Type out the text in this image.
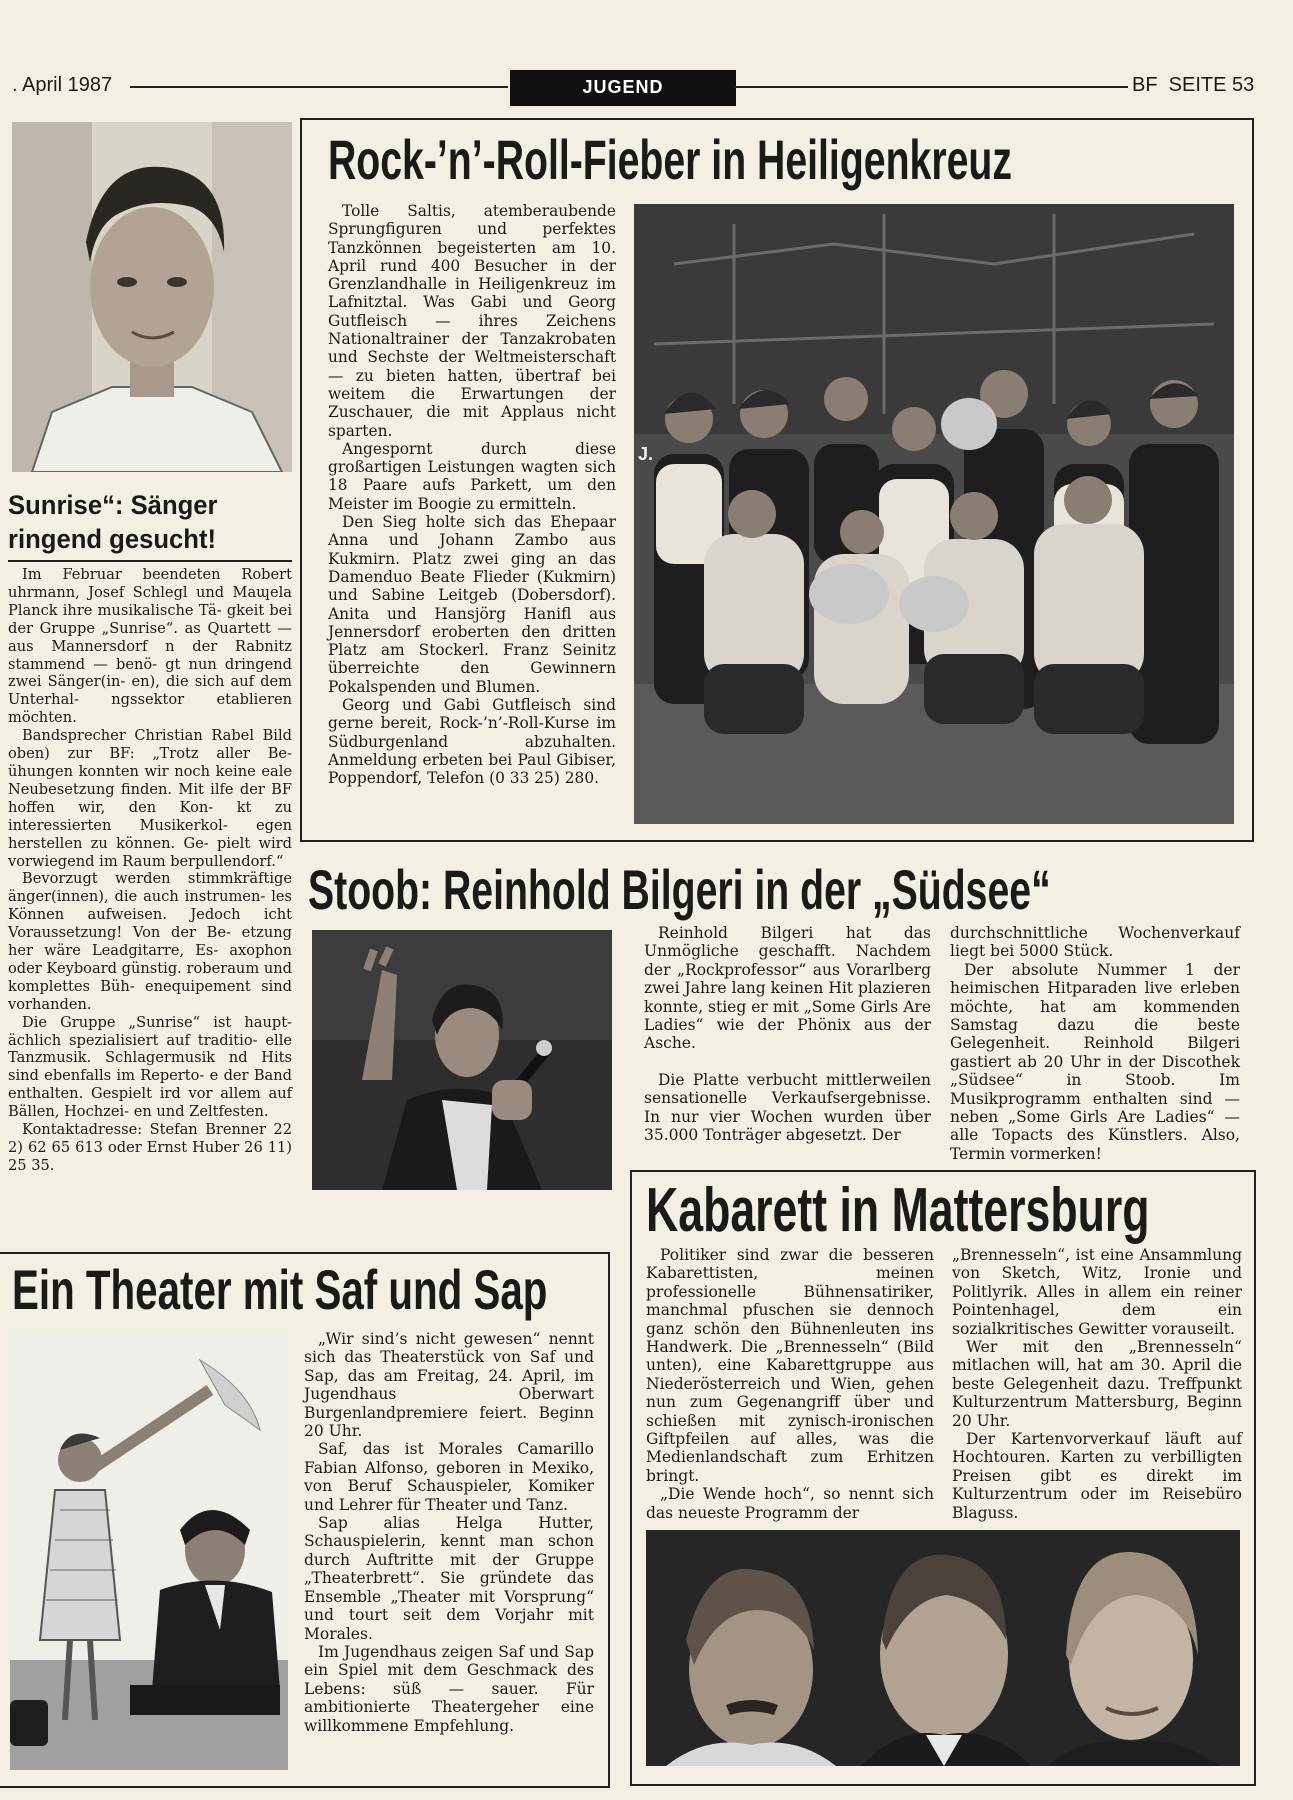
. April 1987	JUGEND	BF  SEITE 53
Sunrise“: Sänger
ringend gesucht!

Im Februar beendeten Robert uhrmann, Josef Schlegl und Maɰela Planck ihre musikalische Tä- gkeit bei der Gruppe „Sunrise“. as Quartett — aus Mannersdorf n der Rabnitz stammend — benö- gt nun dringend zwei Sänger(in- en), die sich auf dem Unterhal- ngssektor etablieren möchten.

Bandsprecher Christian Rabel Bild oben) zur BF: „Trotz aller Be- ühungen konnten wir noch keine eale Neubesetzung finden. Mit ilfe der BF hoffen wir, den Kon- kt zu interessierten Musikerkol- egen herstellen zu können. Ge- pielt wird vorwiegend im Raum berpullendorf.“

Bevorzugt werden stimmkräftige änger(innen), die auch instrumen- les Können aufweisen. Jedoch icht Voraussetzung! Von der Be- etzung her wäre Leadgitarre, Es- axophon oder Keyboard günstig. roberaum und komplettes Büh- enequipement sind vorhanden.

Die Gruppe „Sunrise“ ist haupt- ächlich spezialisiert auf traditio- elle Tanzmusik. Schlagermusik nd Hits sind ebenfalls im Reperto- e der Band enthalten. Gespielt ird vor allem auf Bällen, Hochzei- en und Zeltfesten.

Kontaktadresse: Stefan Brenner 22 2) 62 65 613 oder Ernst Huber 26 11) 25 35.

Rock-’n’-Roll-Fieber in Heiligenkreuz

Tolle Saltis, atemberaubende Sprungfiguren und perfektes Tanzkönnen begeisterten am 10. April rund 400 Besucher in der Grenzlandhalle in Heiligenkreuz im Lafnitztal. Was Gabi und Georg Gutfleisch — ihres Zeichens Nationaltrainer der Tanzakrobaten und Sechste der Weltmeisterschaft — zu bieten hatten, übertraf bei weitem die Erwartungen der Zuschauer, die mit Applaus nicht sparten.

Angespornt durch diese großartigen Leistungen wagten sich 18 Paare aufs Parkett, um den Meister im Boogie zu ermitteln.

Den Sieg holte sich das Ehepaar Anna und Johann Zambo aus Kukmirn. Platz zwei ging an das Damenduo Beate Flieder (Kukmirn) und Sabine Leitgeb (Dobersdorf). Anita und Hansjörg Hanifl aus Jennersdorf eroberten den dritten Platz am Stockerl. Franz Seinitz überreichte den Gewinnern Pokalspenden und Blumen.

Georg und Gabi Gutfleisch sind gerne bereit, Rock-’n’-Roll-Kurse im Südburgenland abzuhalten. Anmeldung erbeten bei Paul Gibiser, Poppendorf, Telefon (0 33 25) 280.

J.
Stoob: Reinhold Bilgeri in der „Südsee“

Reinhold Bilgeri hat das Unmögliche geschafft. Nachdem der „Rockprofessor“ aus Vorarlberg zwei Jahre lang keinen Hit plazieren konnte, stieg er mit „Some Girls Are Ladies“ wie der Phönix aus der Asche.

Die Platte verbucht mittlerweilen sensationelle Verkaufsergebnisse. In nur vier Wochen wurden über 35.000 Tonträger abgesetzt. Der

durchschnittliche Wochenverkauf liegt bei 5000 Stück.

Der absolute Nummer 1 der heimischen Hitparaden live erleben möchte, hat am kommenden Samstag dazu die beste Gelegenheit. Reinhold Bilgeri gastiert ab 20 Uhr in der Discothek „Südsee“ in Stoob. Im Musikprogramm enthalten sind — neben „Some Girls Are Ladies“ — alle Topacts des Künstlers. Also, Termin vormerken!

Ein Theater mit Saf und Sap

„Wir sind’s nicht gewesen“ nennt sich das Theaterstück von Saf und Sap, das am Freitag, 24. April, im Jugendhaus Oberwart Burgenlandpremiere feiert. Beginn 20 Uhr.

Saf, das ist Morales Camarillo Fabian Alfonso, geboren in Mexiko, von Beruf Schauspieler, Komiker und Lehrer für Theater und Tanz.

Sap alias Helga Hutter, Schauspielerin, kennt man schon durch Auftritte mit der Gruppe „Theaterbrett“. Sie gründete das Ensemble „Theater mit Vorsprung“ und tourt seit dem Vorjahr mit Morales.

Im Jugendhaus zeigen Saf und Sap ein Spiel mit dem Geschmack des Lebens: süß — sauer. Für ambitionierte Theatergeher eine willkommene Empfehlung.

Kabarett in Mattersburg

Politiker sind zwar die besseren Kabarettisten, meinen professionelle Bühnensatiriker, manchmal pfuschen sie dennoch ganz schön den Bühnenleuten ins Handwerk. Die „Brennesseln“ (Bild unten), eine Kabarettgruppe aus Niederösterreich und Wien, gehen nun zum Gegenangriff über und schießen mit zynisch-ironischen Giftpfeilen auf alles, was die Medienlandschaft zum Erhitzen bringt.

„Die Wende hoch“, so nennt sich das neueste Programm der

„Brennesseln“, ist eine Ansammlung von Sketch, Witz, Ironie und Politlyrik. Alles in allem ein reiner Pointenhagel, dem ein sozialkritisches Gewitter vorauseilt.

Wer mit den „Brennesseln“ mitlachen will, hat am 30. April die beste Gelegenheit dazu. Treffpunkt Kulturzentrum Mattersburg, Beginn 20 Uhr.

Der Kartenvorverkauf läuft auf Hochtouren. Karten zu verbilligten Preisen gibt es direkt im Kulturzentrum oder im Reisebüro Blaguss.
